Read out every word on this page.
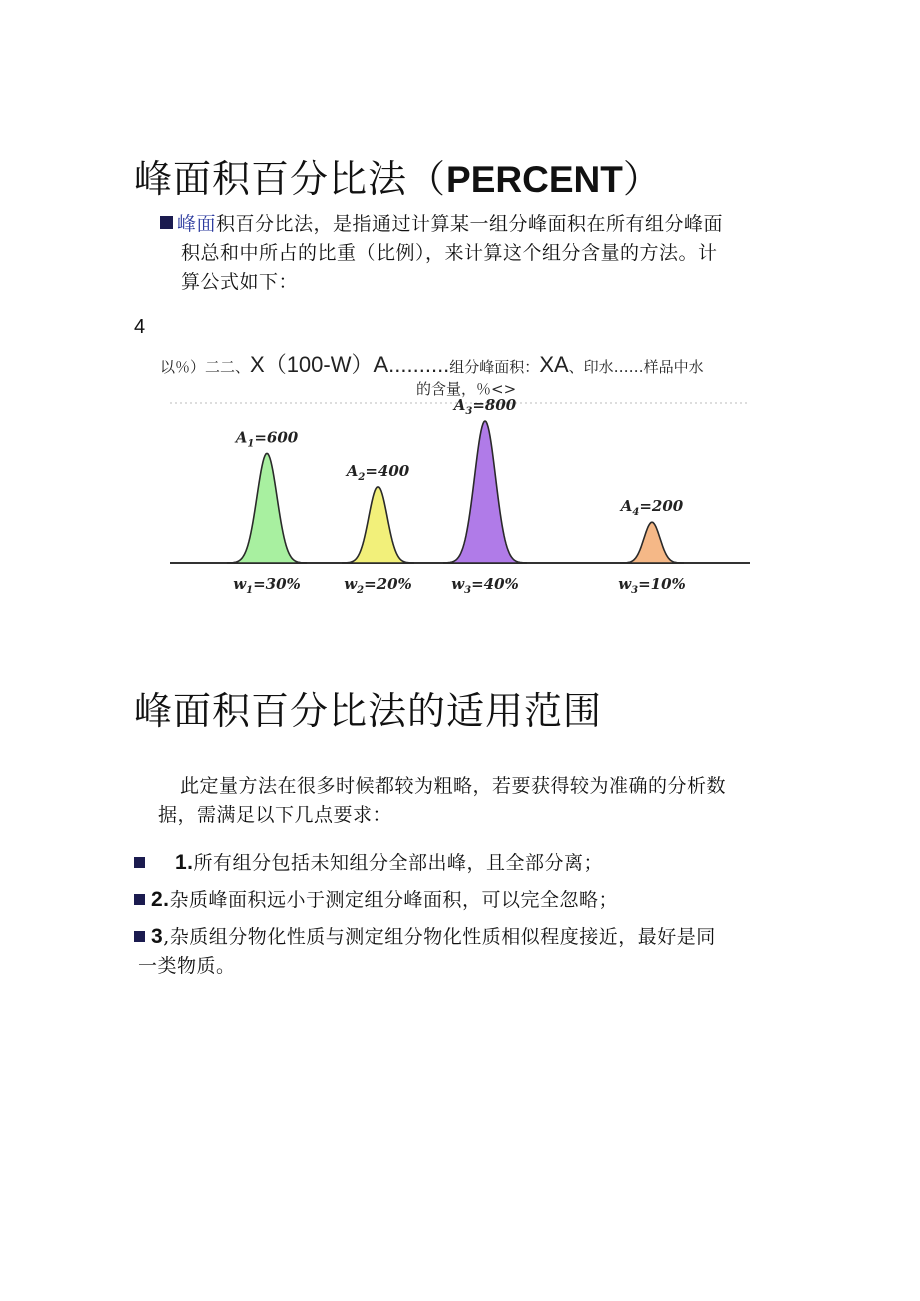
峰面积百分比法（PERCENT）
峰面积百分比法，是指通过计算某一组分峰面积在所有组分峰面
积总和中所占的比重（比例），来计算这个组分含量的方法。计
算公式如下：
4
以％）二二、X（100-W）A..........组分峰面积：XA、印水……样品中水
的含量，％<>
$A_1=600$
$w_1=30\%$
$A_2=400$
$w_2=20\%$
$A_3=800$
$w_3=40\%$
$A_4=200$
$w_3=10\%$
峰面积百分比法的适用范围
此定量方法在很多时候都较为粗略，若要获得较为准确的分析数
据，需满足以下几点要求：
1.所有组分包括未知组分全部出峰，且全部分离；
2.杂质峰面积远小于测定组分峰面积，可以完全忽略；
3,杂质组分物化性质与测定组分物化性质相似程度接近，最好是同
一类物质。
